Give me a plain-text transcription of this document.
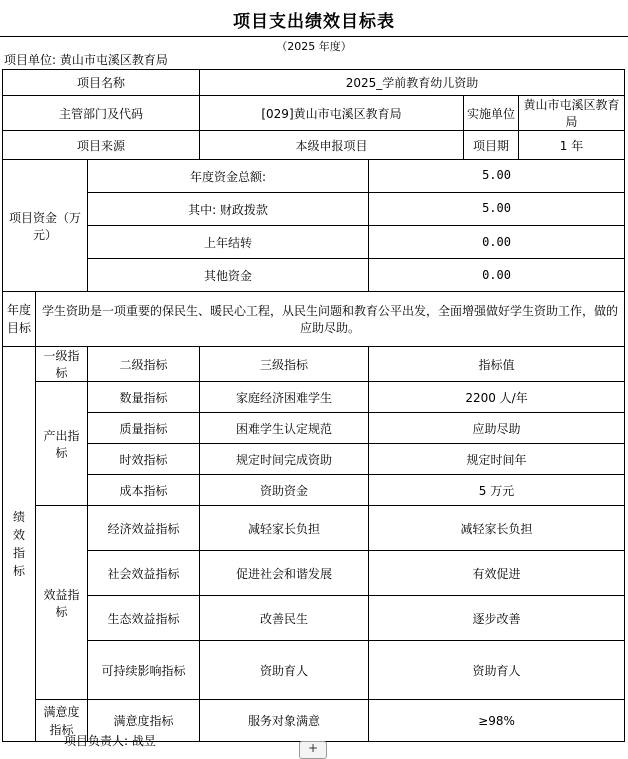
项目支出绩效目标表
（2025 年度）
项目单位: 黄山市屯溪区教育局
项目名称			2025_学前教育幼儿资助			
主管部门及代码			[029]黄山市屯溪区教育局		实施单位	黄山市屯溪区教育局
项目来源			本级申报项目		项目期	1 年
项目资金（万元）		年度资金总额:		5.00		
		其中: 财政拨款		5.00		
		上年结转		0.00		
		其他资金		0.00		
年度目标	学生资助是一项重要的保民生、暖民心工程，从民生问题和教育公平出发，全面增强做好学生资助工作，做的应助尽助。					
绩效指标	一级指标	二级指标	三级指标	指标值		
	产出指标	数量指标	家庭经济困难学生	2200 人/年		
		质量指标	困难学生认定规范	应助尽助		
		时效指标	规定时间完成资助	规定时间年		
		成本指标	资助资金	5 万元		
	效益指标	经济效益指标	减轻家长负担	减轻家长负担		
		社会效益指标	促进社会和谐发展	有效促进		
		生态效益指标	改善民生	逐步改善		
		可持续影响指标	资助育人	资助育人		
	满意度指标	满意度指标	服务对象满意	≥98%		
项目负责人: 战昱	+
